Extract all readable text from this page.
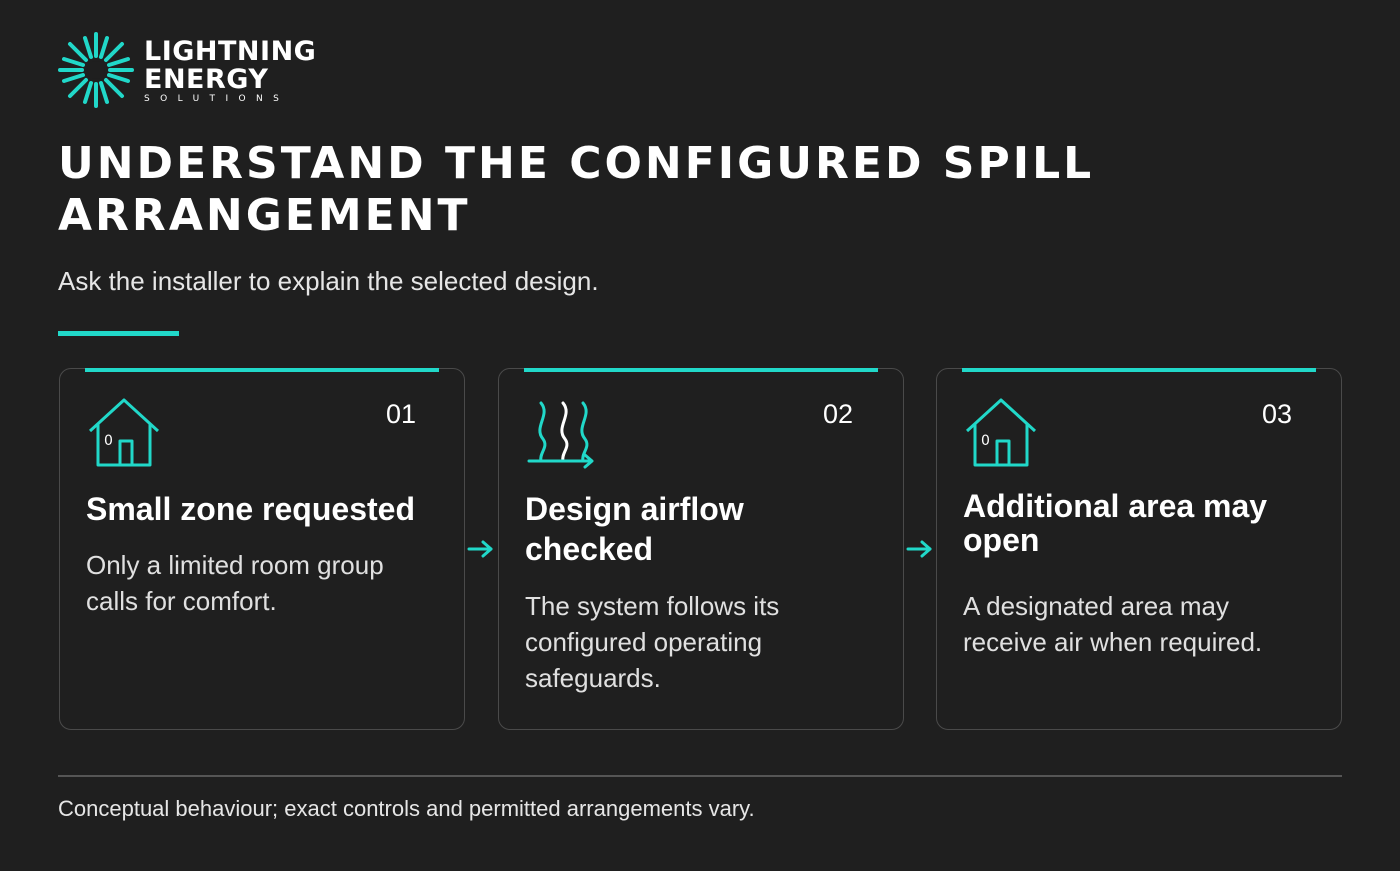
LIGHTNING
ENERGY
SOLUTIONS
UNDERSTAND THE CONFIGURED SPILL ARRANGEMENT
Ask the installer to explain the selected design.
01
0
Small zone requested
Only a limited room group calls for comfort.
02
Design airflow checked
The system follows its configured operating safeguards.
03
0
Additional area may open
A designated area may receive air when required.
Conceptual behaviour; exact controls and permitted arrangements vary.
